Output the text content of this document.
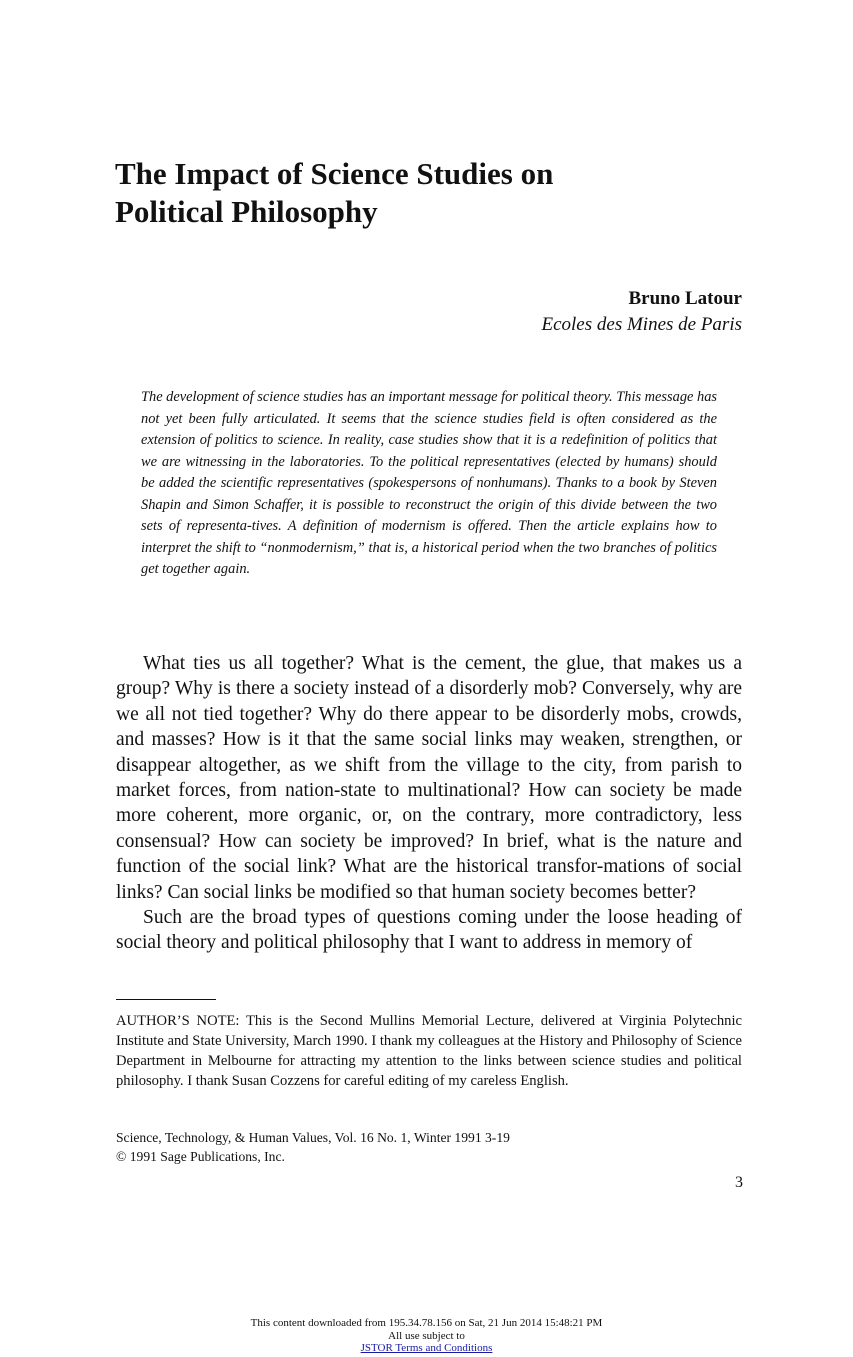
The Impact of Science Studies on
Political Philosophy
Bruno Latour
Ecoles des Mines de Paris

The development of science studies has an important message for political theory. This message has not yet been fully articulated. It seems that the science studies field is often considered as the extension of politics to science. In reality, case studies show that it is a redefinition of politics that we are witnessing in the laboratories. To the political representatives (elected by humans) should be added the scientific representatives (spokespersons of nonhumans). Thanks to a book by Steven Shapin and Simon Schaffer, it is possible to reconstruct the origin of this divide between the two sets of representa-tives. A definition of modernism is offered. Then the article explains how to interpret the shift to “nonmodernism,” that is, a historical period when the two branches of politics get together again.

What ties us all together? What is the cement, the glue, that makes us a group? Why is there a society instead of a disorderly mob? Conversely, why are we all not tied together? Why do there appear to be disorderly mobs, crowds, and masses? How is it that the same social links may weaken, strengthen, or disappear altogether, as we shift from the village to the city, from parish to market forces, from nation-state to multinational? How can society be made more coherent, more organic, or, on the contrary, more contradictory, less consensual? How can society be improved? In brief, what is the nature and function of the social link? What are the historical transfor-mations of social links? Can social links be modified so that human society becomes better?

Such are the broad types of questions coming under the loose heading of social theory and political philosophy that I want to address in memory of

AUTHOR’S NOTE: This is the Second Mullins Memorial Lecture, delivered at Virginia Polytechnic Institute and State University, March 1990. I thank my colleagues at the History and Philosophy of Science Department in Melbourne for attracting my attention to the links between science studies and political philosophy. I thank Susan Cozzens for careful editing of my careless English.

Science, Technology, & Human Values, Vol. 16 No. 1, Winter 1991 3-19
© 1991 Sage Publications, Inc.
3
This content downloaded from 195.34.78.156 on Sat, 21 Jun 2014 15:48:21 PM
All use subject to
JSTOR Terms and Conditions
